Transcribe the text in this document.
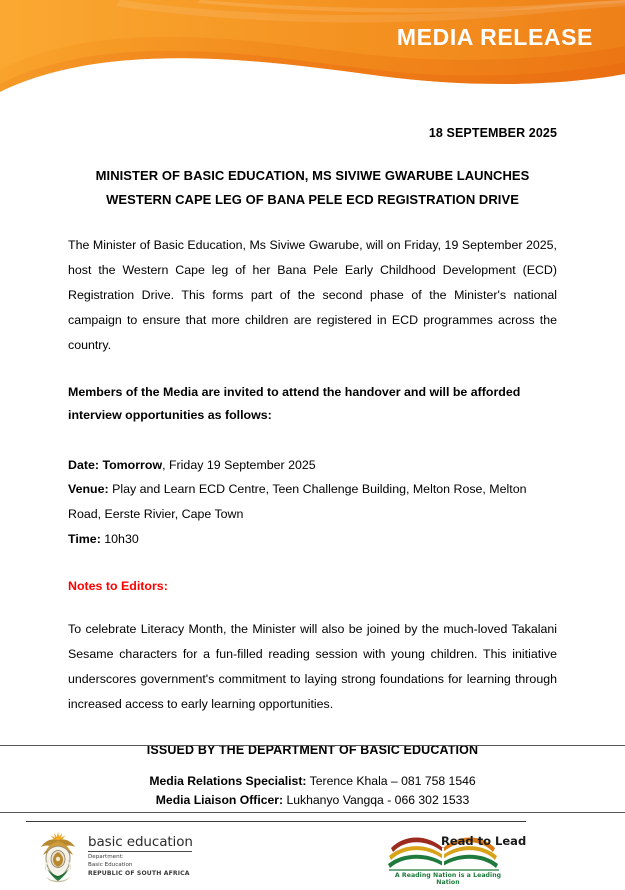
MEDIA RELEASE
18 SEPTEMBER 2025
MINISTER OF BASIC EDUCATION, MS SIVIWE GWARUBE LAUNCHES
WESTERN CAPE LEG OF BANA PELE ECD REGISTRATION DRIVE

The Minister of Basic Education, Ms Siviwe Gwarube, will on Friday, 19 September 2025, host the Western Cape leg of her Bana Pele Early Childhood Development (ECD) Registration Drive. This forms part of the second phase of the Minister's national campaign to ensure that more children are registered in ECD programmes across the country.

Members of the Media are invited to attend the handover and will be afforded interview opportunities as follows:

Date: Tomorrow, Friday 19 September 2025
Venue: Play and Learn ECD Centre, Teen Challenge Building, Melton Rose, Melton Road, Eerste Rivier, Cape Town
Time: 10h30
Notes to Editors:

To celebrate Literacy Month, the Minister will also be joined by the much-loved Takalani Sesame characters for a fun-filled reading session with young children. This initiative underscores government's commitment to laying strong foundations for learning through increased access to early learning opportunities.

ISSUED BY THE DEPARTMENT OF BASIC EDUCATION
Media Relations Specialist: Terence Khala – 081 758 1546
Media Liaison Officer: Lukhanyo Vangqa - 066 302 1533
basic education
Department:
Basic Education
REPUBLIC OF SOUTH AFRICA
Read to Lead
A Reading Nation is a Leading Nation
